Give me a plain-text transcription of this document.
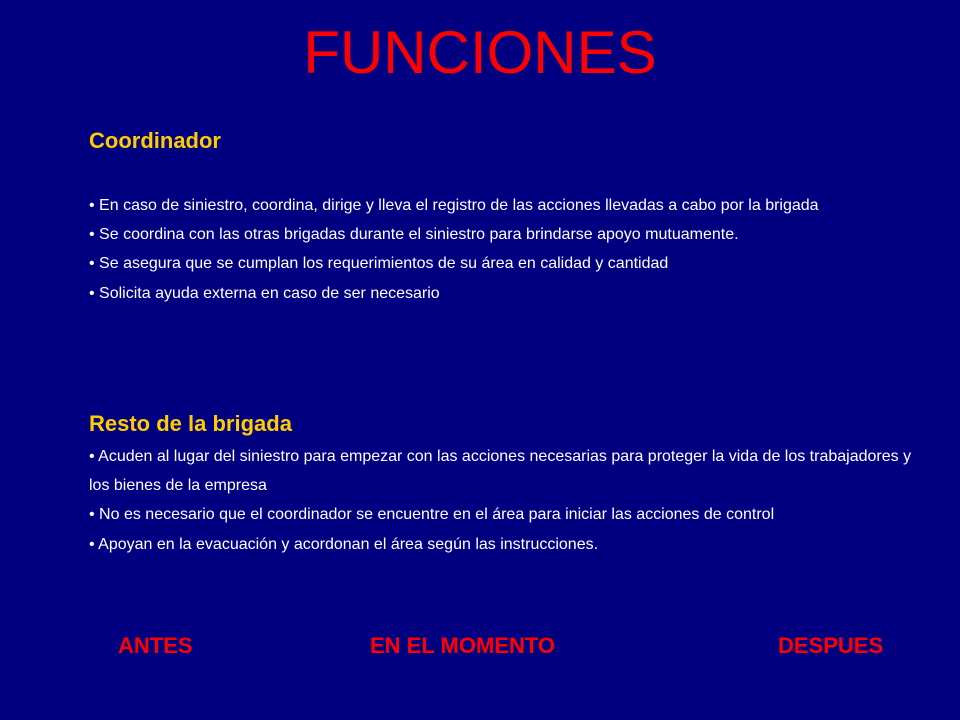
FUNCIONES
Coordinador
• En caso de siniestro, coordina, dirige y lleva el registro de las acciones llevadas a cabo por la brigada
• Se coordina con las otras brigadas durante el siniestro para brindarse apoyo mutuamente.
• Se asegura que se cumplan los requerimientos de su área en calidad y cantidad
• Solicita ayuda externa en caso de ser necesario
Resto de la brigada
• Acuden al lugar del siniestro para empezar con las acciones necesarias para proteger la vida de los trabajadores y los bienes de la empresa
• No es necesario que el coordinador se encuentre en el área para iniciar las acciones de control
• Apoyan en la evacuación y acordonan el área según las instrucciones.
ANTES	EN EL MOMENTO	DESPUES
